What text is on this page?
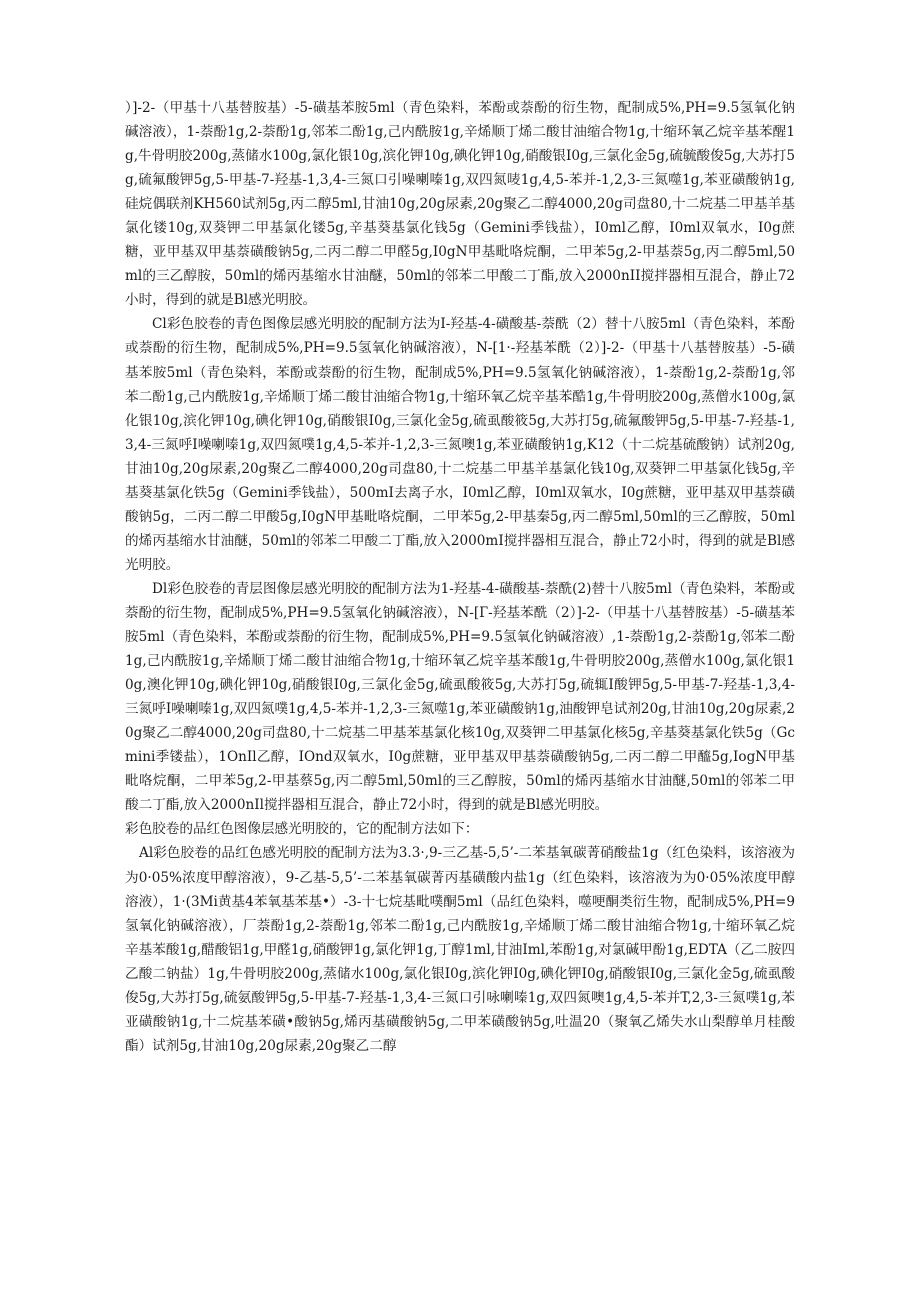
）]-2-（甲基十八基替胺基）-5-磺基苯胺5ml（青色染料，苯酚或萘酚的衍生物，配制成5%,PH=9.5氢氧化钠碱溶液），1-萘酚1g,2-萘酚1g,邻苯二酚1g,己内酰胺1g,辛烯顺丁烯二酸甘油缩合物1g,十缩环氧乙烷辛基苯醒1g,牛骨明胶200g,蒸储水100g,氯化银10g,滨化钾10g,碘化钾10g,硝酸银I0g,三氯化金5g,硫毓酸俊5g,大苏打5g,硫氟酸钾5g,5-甲基-7-羟基-1,3,4-三氮口引噪喇嗪1g,双四氮唛1g,4,5-苯并-1,2,3-三氮噬1g,苯亚磺酸钠1g,硅烷偶联剂KH560试剂5g,丙二醇5ml,甘油10g,20g尿素,20g聚乙二醇4000,20g司盘80,十二烷基二甲基羊基氯化镂10g,双葵钾二甲基氯化镂5g,辛基葵基氯化钱5g（Gemini季钱盐），I0ml乙醇，I0ml双氧水，I0g蔗糖，亚甲基双甲基萘磺酸钠5g,二丙二醇二甲醛5g,I0gN甲基毗咯烷酮，二甲苯5g,2-甲基萘5g,丙二醇5ml,50ml的三乙醇胺，50ml的烯丙基缩水甘油醚，50ml的邻苯二甲酸二丁酯,放入2000nII搅拌器相互混合，静止72小时，得到的就是Bl感光明胶。

Cl彩色胶卷的青色图像层感光明胶的配制方法为I-羟基-4-磺酸基-萘酰（2）替十八胺5ml（青色染料，苯酚或萘酚的衍生物，配制成5%,PH=9.5氢氧化钠碱溶液），N-[1·-羟基苯酰（2）]-2-（甲基十八基替胺基）-5-磺基苯胺5ml（青色染料，苯酚或萘酚的衍生物，配制成5%,PH=9.5氢氧化钠碱溶液），1-萘酚1g,2-萘酚1g,邻苯二酚1g,己内酰胺1g,辛烯顺丁烯二酸甘油缩合物1g,十缩环氧乙烷辛基苯酷1g,牛骨明胶200g,蒸僧水100g,氯化银10g,滨化钾10g,碘化钾10g,硝酸银I0g,三氯化金5g,硫虱酸筱5g,大苏打5g,硫氟酸钾5g,5-甲基-7-羟基-1,3,4-三氮呼I噪喇嗪1g,双四氮噗1g,4,5-苯并-1,2,3-三氮噢1g,苯亚磺酸钠1g,K12（十二烷基硫酸钠）试剂20g,甘油10g,20g尿素,20g聚乙二醇4000,20g司盘80,十二烷基二甲基羊基氯化钱10g,双葵钾二甲基氯化钱5g,辛基葵基氯化铁5g（Gemini季钱盐），500mI去离子水，I0ml乙醇，I0ml双氧水，I0g蔗糖，亚甲基双甲基萘磺酸钠5g，二丙二醇二甲酸5g,I0gN甲基毗咯烷酮，二甲苯5g,2-甲基秦5g,丙二醇5ml,50ml的三乙醇胺，50ml的烯丙基缩水甘油醚，50ml的邻苯二甲酸二丁酯,放入2000mI搅拌器相互混合，静止72小时，得到的就是Bl感光明胶。

Dl彩色胶卷的青层图像层感光明胶的配制方法为1-羟基-4-磺酸基-萘酰(2)替十八胺5ml（青色染料，苯酚或萘酚的衍生物，配制成5%,PH=9.5氢氧化钠碱溶液），N-[Г-羟基苯酰（2）]-2-（甲基十八基替胺基）-5-磺基苯胺5ml（青色染料，苯酚或萘酚的衍生物，配制成5%,PH=9.5氢氧化钠碱溶液）,1-萘酚1g,2-萘酚1g,邻苯二酚1g,己内酰胺1g,辛烯顺丁烯二酸甘油缩合物1g,十缩环氧乙烷辛基苯酸1g,牛骨明胶200g,蒸僧水100g,氯化银10g,澳化钾10g,碘化钾10g,硝酸银I0g,三氯化金5g,硫虱酸筱5g,大苏打5g,硫辄I酸钾5g,5-甲基-7-羟基-1,3,4-三氮呼I噪喇嗪1g,双四氮噗1g,4,5-苯并-1,2,3-三氮噬1g,苯亚磺酸钠1g,油酸钾皂试剂20g,甘油10g,20g尿素,20g聚乙二醇4000,20g司盘80,十二烷基二甲基苯基氯化核10g,双葵钾二甲基氯化核5g,辛基葵基氯化铁5g（Gcmini季镂盐），1OnIl乙醇，IOnd双氧水，I0g蔗糖，亚甲基双甲基萘磺酸钠5g,二丙二醇二甲醯5g,IogN甲基毗咯烷酮，二甲苯5g,2-甲基蔡5g,丙二醇5ml,50ml的三乙醇胺，50ml的烯丙基缩水甘油醚,50ml的邻苯二甲酸二丁酯,放入2000nIl搅拌器相互混合，静止72小时，得到的就是Bl感光明胶。

彩色胶卷的品红色图像层感光明胶的，它的配制方法如下：

Al彩色胶卷的品红色感光明胶的配制方法为3.3·,9-三乙基-5,5’-二苯基氧碳菁硝酸盐1g（红色染料，该溶液为为0·05%浓度甲醇溶液），9-乙基-5,5’-二苯基氧碳菁丙基磺酸内盐1g（红色染料，该溶液为为0·05%浓度甲醇溶液），1·(3Mi黄基4苯氧基苯基•）-3-十七烷基毗噗酮5ml（品红色染料，噬哽酮类衍生物，配制成5%,PH=9氢氧化钠碱溶液），厂萘酚1g,2-萘酚1g,邻苯二酚1g,己内酰胺1g,辛烯顺丁烯二酸甘油缩合物1g,十缩环氧乙烷辛基苯酸1g,醋酸铝1g,甲醛1g,硝酸钾1g,氯化钾1g,丁醇1ml,甘油Iml,苯酚1g,对氯碱甲酚1g,EDTA（乙二胺四乙酸二钠盐）1g,牛骨明胶200g,蒸储水100g,氯化银I0g,滨化钾I0g,碘化钾I0g,硝酸银I0g,三氯化金5g,硫虱酸俊5g,大苏打5g,硫氨酸钾5g,5-甲基-7-羟基-1,3,4-三氮口引咏喇嗪1g,双四氮噢1g,4,5-苯并T,2,3-三氮噗1g,苯亚磺酸钠1g,十二烷基苯磺•酸钠5g,烯丙基磺酸钠5g,二甲苯磺酸钠5g,吐温20（聚氧乙烯失水山梨醇单月桂酸酯）试剂5g,甘油10g,20g尿素,20g聚乙二醇
